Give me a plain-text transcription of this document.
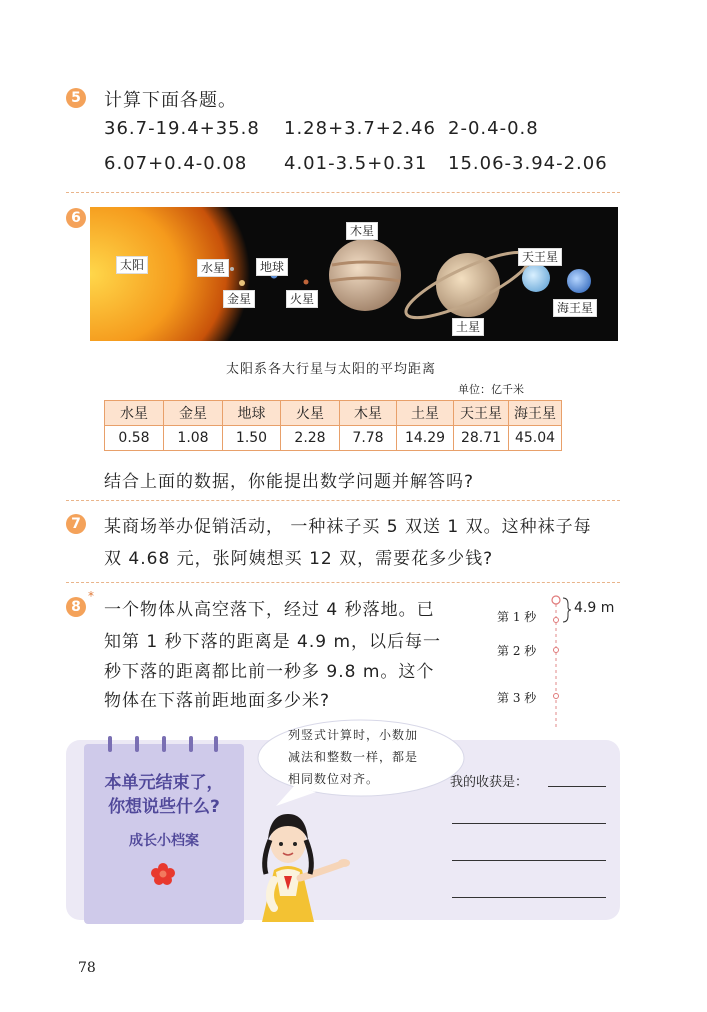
5 计算下面各题。
36.7-19.4+35.8 1.28+3.7+2.46 2-0.4-0.8
6.07+0.4-0.08 4.01-3.5+0.31 15.06-3.94-2.06
6
太阳	水星
金星
地球
火星
木星
土星
天王星
海王星
太阳系各大行星与太阳的平均距离
单位：亿千米
水星	金星	地球	火星	木星	土星	天王星	海王星
0.58	1.08	1.50	2.28	7.78	14.29	28.71	45.04
结合上面的数据，你能提出数学问题并解答吗?
7	某商场举办促销活动， 一种袜子买 5 双送 1 双。这种袜子每
双 4.68 元，张阿姨想买 12 双，需要花多少钱?
8
*
一个物体从高空落下，经过 4 秒落地。已
知第 1 秒下落的距离是 4.9 m，以后每一
秒下落的距离都比前一秒多 9.8 m。这个
物体在下落前距地面多少米?
第 1 秒
第 2 秒
第 3 秒
4.9 m
本单元结束了，
你想说些什么?
成长小档案
列竖式计算时，小数加
减法和整数一样，都是
相同数位对齐。	我的收获是：
78
